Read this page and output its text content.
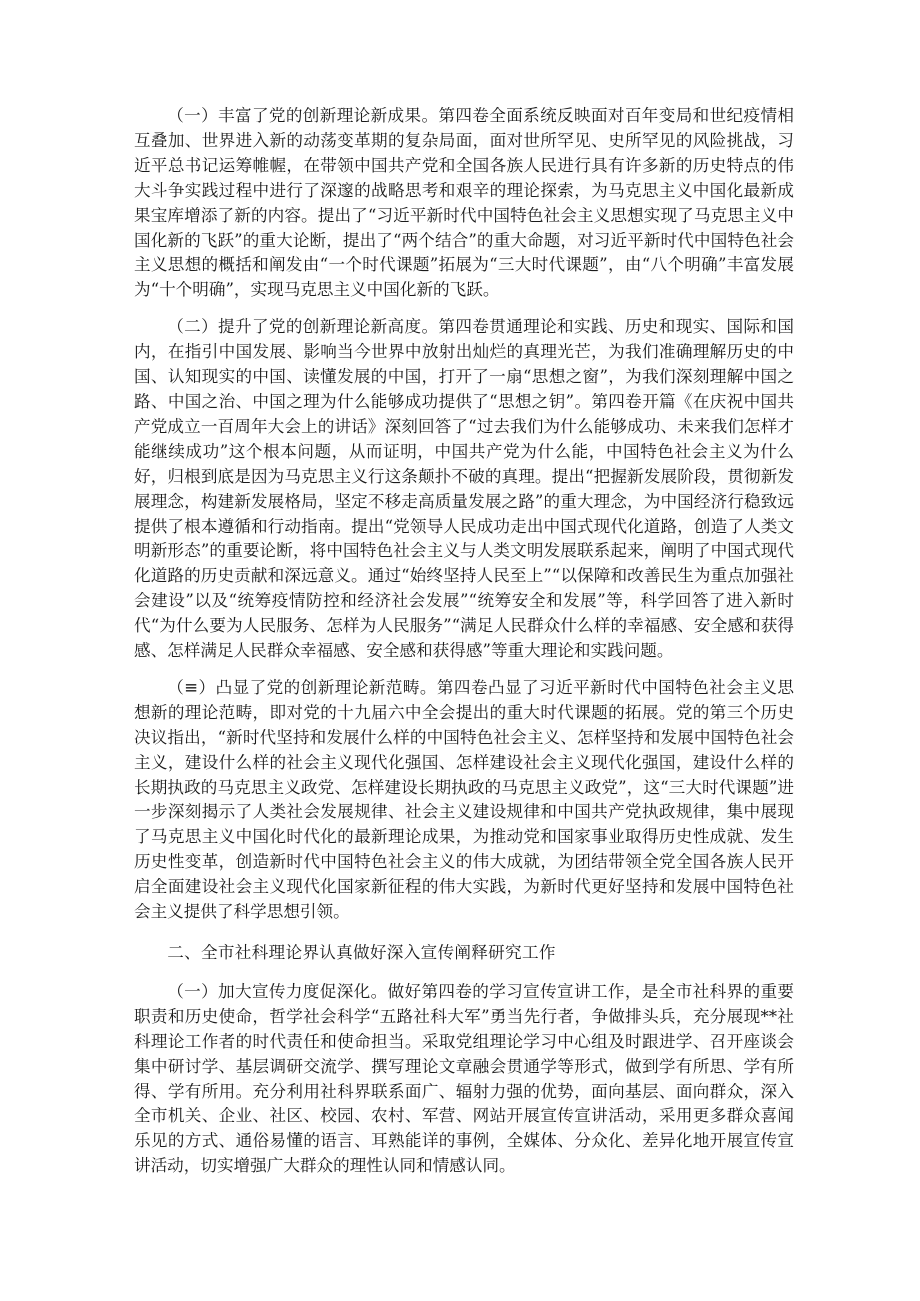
（一）丰富了党的创新理论新成果。第四卷全面系统反映面对百年变局和世纪疫情相互叠加、世界进入新的动荡变革期的复杂局面，面对世所罕见、史所罕见的风险挑战，习近平总书记运筹帷幄，在带领中国共产党和全国各族人民进行具有许多新的历史特点的伟大斗争实践过程中进行了深邃的战略思考和艰辛的理论探索，为马克思主义中国化最新成果宝库增添了新的内容。提出了“习近平新时代中国特色社会主义思想实现了马克思主义中国化新的飞跃”的重大论断，提出了“两个结合”的重大命题，对习近平新时代中国特色社会主义思想的概括和阐发由“一个时代课题”拓展为“三大时代课题”，由“八个明确”丰富发展为“十个明确”，实现马克思主义中国化新的飞跃。

（二）提升了党的创新理论新高度。第四卷贯通理论和实践、历史和现实、国际和国内，在指引中国发展、影响当今世界中放射出灿烂的真理光芒，为我们准确理解历史的中国、认知现实的中国、读懂发展的中国，打开了一扇“思想之窗”，为我们深刻理解中国之路、中国之治、中国之理为什么能够成功提供了“思想之钥”。第四卷开篇《在庆祝中国共产党成立一百周年大会上的讲话》深刻回答了“过去我们为什么能够成功、未来我们怎样才能继续成功”这个根本问题，从而证明，中国共产党为什么能，中国特色社会主义为什么好，归根到底是因为马克思主义行这条颠扑不破的真理。提出“把握新发展阶段，贯彻新发展理念，构建新发展格局，坚定不移走高质量发展之路”的重大理念，为中国经济行稳致远提供了根本遵循和行动指南。提出“党领导人民成功走出中国式现代化道路，创造了人类文明新形态”的重要论断，将中国特色社会主义与人类文明发展联系起来，阐明了中国式现代化道路的历史贡献和深远意义。通过“始终坚持人民至上”“以保障和改善民生为重点加强社会建设”以及“统筹疫情防控和经济社会发展”“统筹安全和发展”等，科学回答了进入新时代“为什么要为人民服务、怎样为人民服务”“满足人民群众什么样的幸福感、安全感和获得感、怎样满足人民群众幸福感、安全感和获得感”等重大理论和实践问题。

（≡）凸显了党的创新理论新范畴。第四卷凸显了习近平新时代中国特色社会主义思想新的理论范畴，即对党的十九届六中全会提出的重大时代课题的拓展。党的第三个历史决议指出，“新时代坚持和发展什么样的中国特色社会主义、怎样坚持和发展中国特色社会主义，建设什么样的社会主义现代化强国、怎样建设社会主义现代化强国，建设什么样的长期执政的马克思主义政党、怎样建设长期执政的马克思主义政党”，这“三大时代课题”进一步深刻揭示了人类社会发展规律、社会主义建设规律和中国共产党执政规律，集中展现了马克思主义中国化时代化的最新理论成果，为推动党和国家事业取得历史性成就、发生历史性变革，创造新时代中国特色社会主义的伟大成就，为团结带领全党全国各族人民开启全面建设社会主义现代化国家新征程的伟大实践，为新时代更好坚持和发展中国特色社会主义提供了科学思想引领。

二、全市社科理论界认真做好深入宣传阐释研究工作

（一）加大宣传力度促深化。做好第四卷的学习宣传宣讲工作，是全市社科界的重要职责和历史使命，哲学社会科学“五路社科大军”勇当先行者，争做排头兵，充分展现**社科理论工作者的时代责任和使命担当。采取党组理论学习中心组及时跟进学、召开座谈会集中研讨学、基层调研交流学、撰写理论文章融会贯通学等形式，做到学有所思、学有所得、学有所用。充分利用社科界联系面广、辐射力强的优势，面向基层、面向群众，深入全市机关、企业、社区、校园、农村、军营、网站开展宣传宣讲活动，采用更多群众喜闻乐见的方式、通俗易懂的语言、耳熟能详的事例，全媒体、分众化、差异化地开展宣传宣讲活动，切实增强广大群众的理性认同和情感认同。
